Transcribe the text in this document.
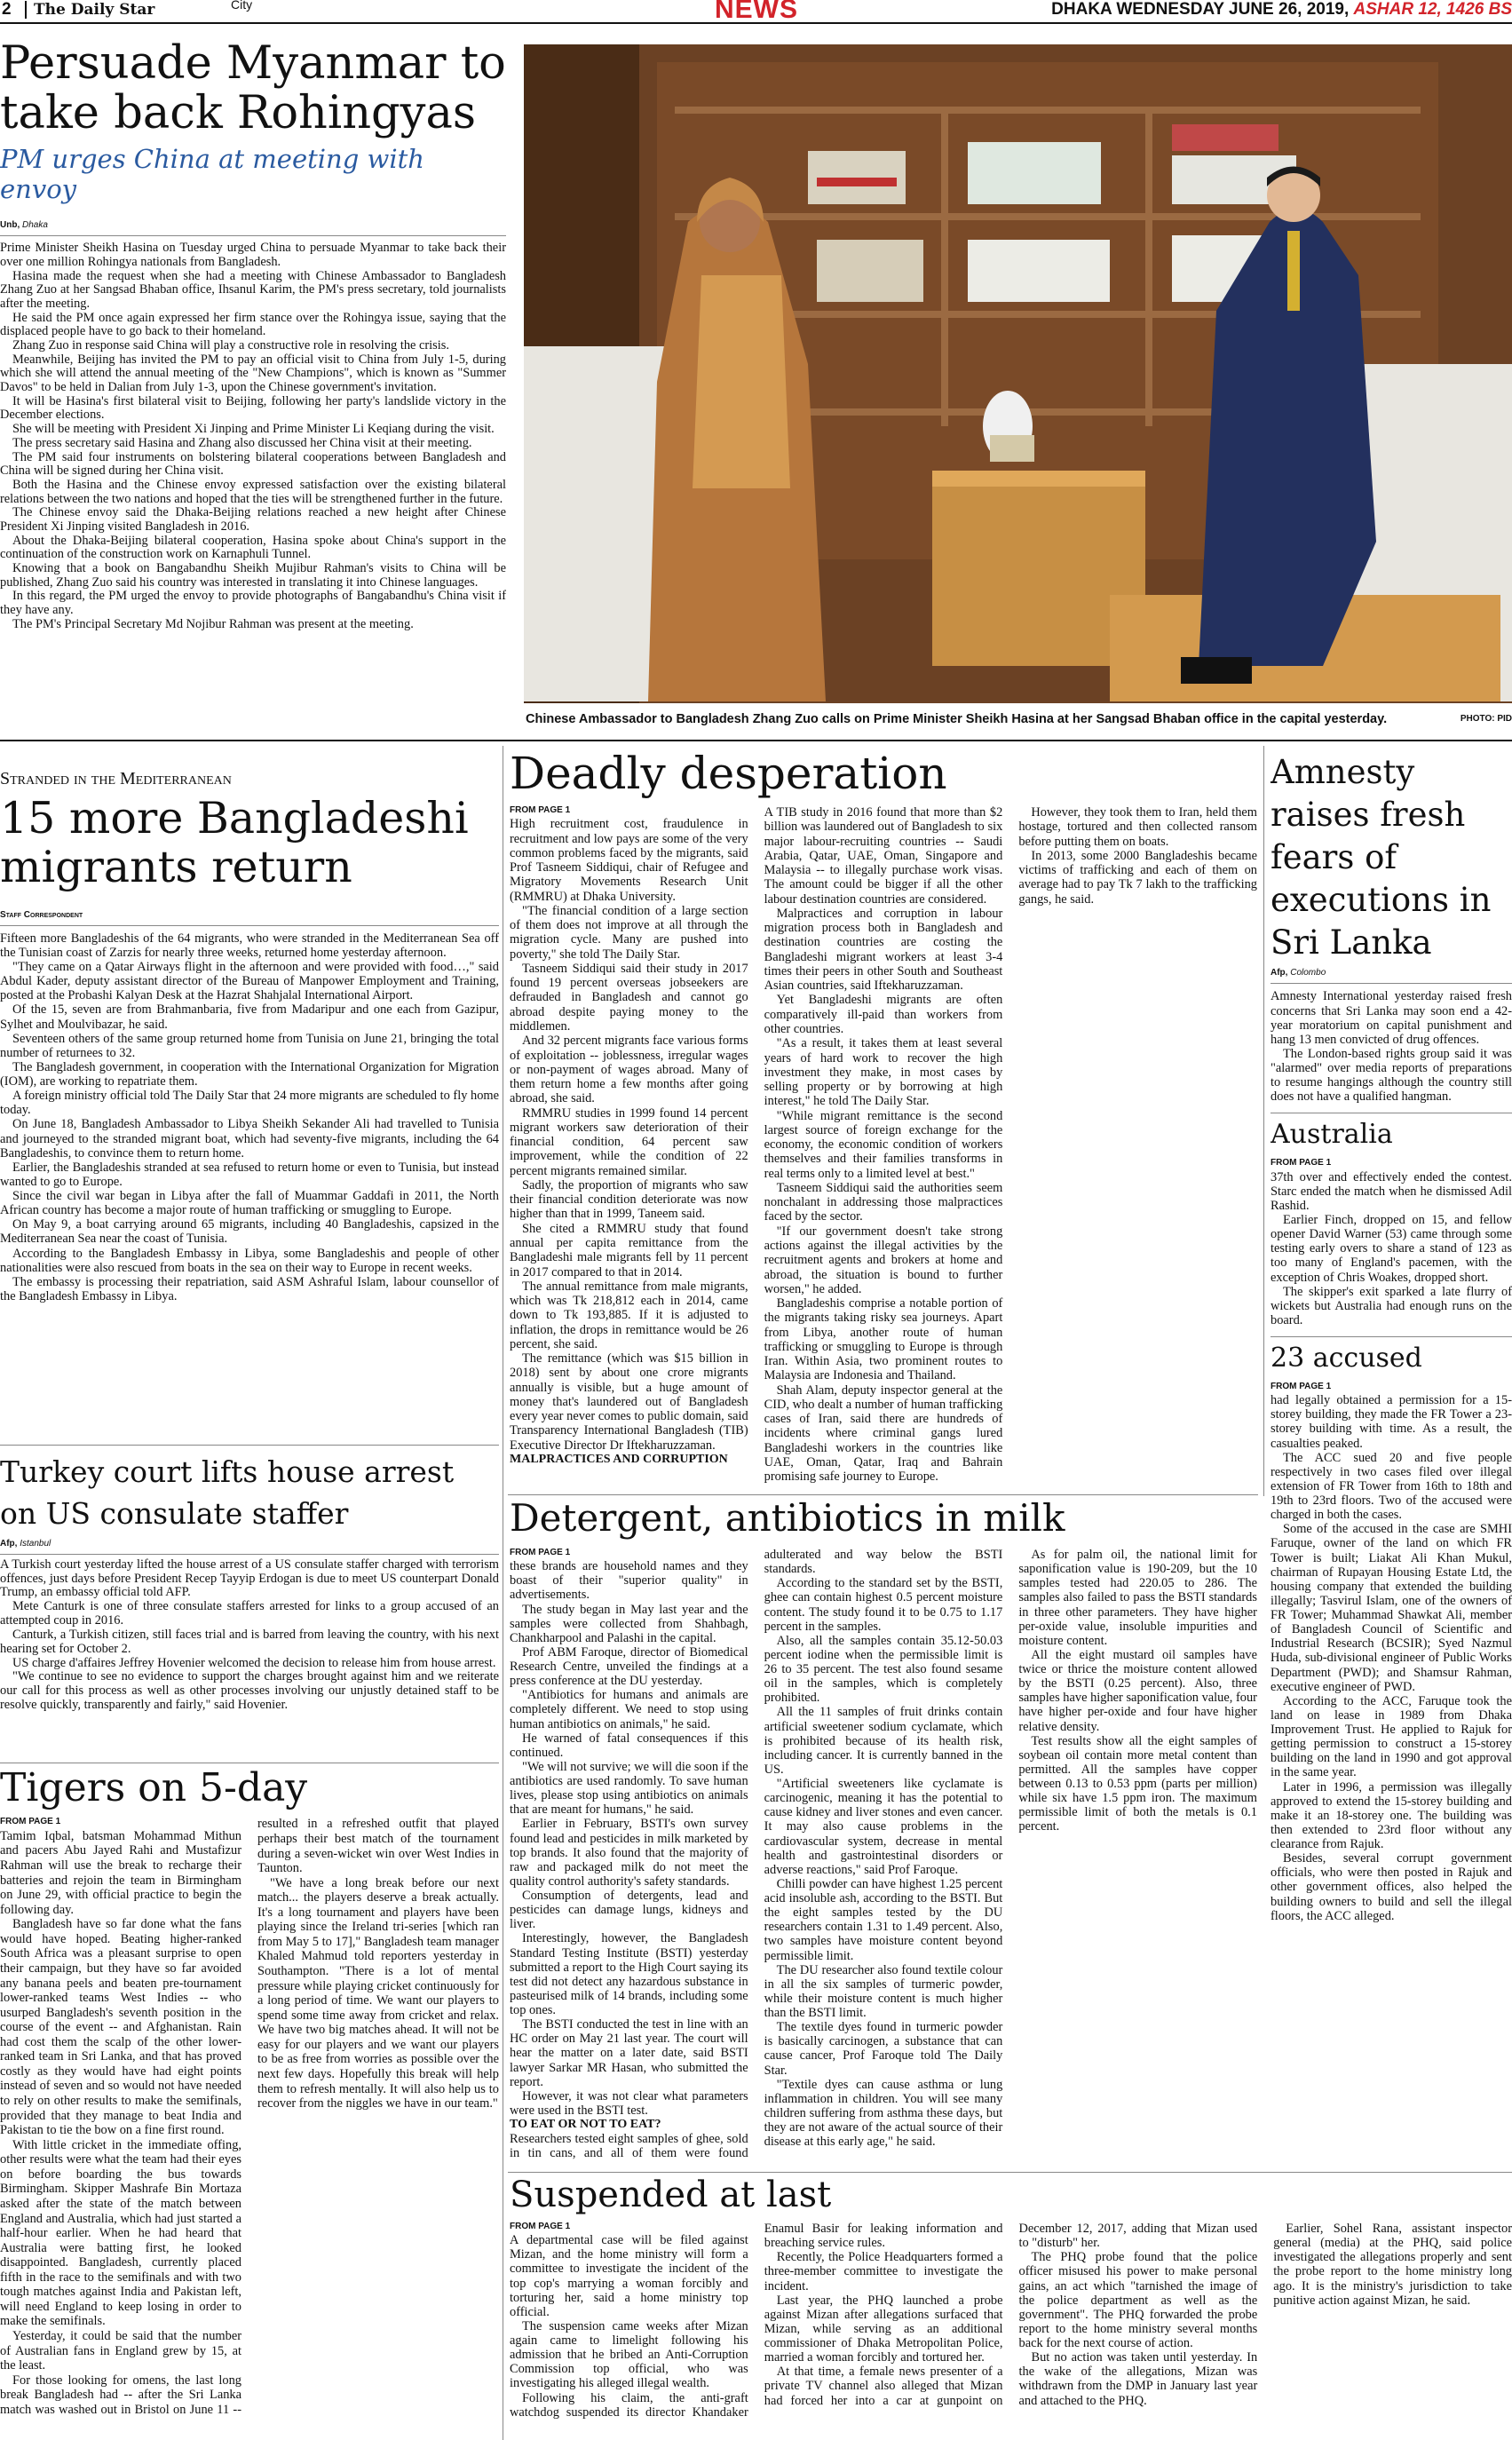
2	The Daily Star	City	NEWS	DHAKA WEDNESDAY JUNE 26, 2019, ASHAR 12, 1426 BS
Persuade Myanmar to take back Rohingyas
PM urges China at meeting with envoy
Unb, Dhaka

Prime Minister Sheikh Hasina on Tuesday urged China to persuade Myanmar to take back their over one million Rohingya nationals from Bangladesh.

Hasina made the request when she had a meeting with Chinese Ambassador to Bangladesh Zhang Zuo at her Sangsad Bhaban office, Ihsanul Karim, the PM's press secretary, told journalists after the meeting.

He said the PM once again expressed her firm stance over the Rohingya issue, saying that the displaced people have to go back to their homeland.

Zhang Zuo in response said China will play a constructive role in resolving the crisis.

Meanwhile, Beijing has invited the PM to pay an official visit to China from July 1-5, during which she will attend the annual meeting of the "New Champions", which is known as "Summer Davos" to be held in Dalian from July 1-3, upon the Chinese government's invitation.

It will be Hasina's first bilateral visit to Beijing, following her party's landslide victory in the December elections.

She will be meeting with President Xi Jinping and Prime Minister Li Keqiang during the visit.

The press secretary said Hasina and Zhang also discussed her China visit at their meeting.

The PM said four instruments on bolstering bilateral cooperations between Bangladesh and China will be signed during her China visit.

Both the Hasina and the Chinese envoy expressed satisfaction over the existing bilateral relations between the two nations and hoped that the ties will be strengthened further in the future.

The Chinese envoy said the Dhaka-Beijing relations reached a new height after Chinese President Xi Jinping visited Bangladesh in 2016.

About the Dhaka-Beijing bilateral cooperation, Hasina spoke about China's support in the continuation of the construction work on Karnaphuli Tunnel.

Knowing that a book on Bangabandhu Sheikh Mujibur Rahman's visits to China will be published, Zhang Zuo said his country was interested in translating it into Chinese languages.

In this regard, the PM urged the envoy to provide photographs of Bangabandhu's China visit if they have any.

The PM's Principal Secretary Md Nojibur Rahman was present at the meeting.

Chinese Ambassador to Bangladesh Zhang Zuo calls on Prime Minister Sheikh Hasina at her Sangsad Bhaban office in the capital yesterday.	PHOTO: PID
Stranded in the Mediterranean
15 more Bangladeshi migrants return
Staff Correspondent

Fifteen more Bangladeshis of the 64 migrants, who were stranded in the Mediterranean Sea off the Tunisian coast of Zarzis for nearly three weeks, returned home yesterday afternoon.

"They came on a Qatar Airways flight in the afternoon and were provided with food…," said Abdul Kader, deputy assistant director of the Bureau of Manpower Employment and Training, posted at the Probashi Kalyan Desk at the Hazrat Shahjalal International Airport.

Of the 15, seven are from Brahmanbaria, five from Madaripur and one each from Gazipur, Sylhet and Moulvibazar, he said.

Seventeen others of the same group returned home from Tunisia on June 21, bringing the total number of returnees to 32.

The Bangladesh government, in cooperation with the International Organization for Migration (IOM), are working to repatriate them.

A foreign ministry official told The Daily Star that 24 more migrants are scheduled to fly home today.

On June 18, Bangladesh Ambassador to Libya Sheikh Sekander Ali had travelled to Tunisia and journeyed to the stranded migrant boat, which had seventy-five migrants, including the 64 Bangladeshis, to convince them to return home.

Earlier, the Bangladeshis stranded at sea refused to return home or even to Tunisia, but instead wanted to go to Europe.

Since the civil war began in Libya after the fall of Muammar Gaddafi in 2011, the North African country has become a major route of human trafficking or smuggling to Europe.

On May 9, a boat carrying around 65 migrants, including 40 Bangladeshis, capsized in the Mediterranean Sea near the coast of Tunisia.

According to the Bangladesh Embassy in Libya, some Bangladeshis and people of other nationalities were also rescued from boats in the sea on their way to Europe in recent weeks.

The embassy is processing their repatriation, said ASM Ashraful Islam, labour counsellor of the Bangladesh Embassy in Libya.

Turkey court lifts house arrest on US consulate staffer
Afp, Istanbul

A Turkish court yesterday lifted the house arrest of a US consulate staffer charged with terrorism offences, just days before President Recep Tayyip Erdogan is due to meet US counterpart Donald Trump, an embassy official told AFP.

Mete Canturk is one of three consulate staffers arrested for links to a group accused of an attempted coup in 2016.

Canturk, a Turkish citizen, still faces trial and is barred from leaving the country, with his next hearing set for October 2.

US charge d'affaires Jeffrey Hovenier welcomed the decision to release him from house arrest.

"We continue to see no evidence to support the charges brought against him and we reiterate our call for this process as well as other processes involving our unjustly detained staff to be resolve quickly, transparently and fairly," said Hovenier.

Tigers on 5-day
FROM PAGE 1

Tamim Iqbal, batsman Mohammad Mithun and pacers Abu Jayed Rahi and Mustafizur Rahman will use the break to recharge their batteries and rejoin the team in Birmingham on June 29, with official practice to begin the following day.

Bangladesh have so far done what the fans would have hoped. Beating higher-ranked South Africa was a pleasant surprise to open their campaign, but they have so far avoided any banana peels and beaten pre-tournament lower-ranked teams West Indies -- who usurped Bangladesh's seventh position in the course of the event -- and Afghanistan. Rain had cost them the scalp of the other lower-ranked team in Sri Lanka, and that has proved costly as they would have had eight points instead of seven and so would not have needed to rely on other results to make the semifinals, provided that they manage to beat India and Pakistan to tie the bow on a fine first round.

With little cricket in the immediate offing, other results were what the team had their eyes on before boarding the bus towards Birmingham. Skipper Mashrafe Bin Mortaza asked after the state of the match between England and Australia, which had just started a half-hour earlier. When he had heard that Australia were batting first, he looked disappointed. Bangladesh, currently placed fifth in the race to the semifinals and with two tough matches against India and Pakistan left, will need England to keep losing in order to make the semifinals.

Yesterday, it could be said that the number of Australian fans in England grew by 15, at the least.

For those looking for omens, the last long break Bangladesh had -- after the Sri Lanka match was washed out in Bristol on June 11 -- resulted in a refreshed outfit that played perhaps their best match of the tournament during a seven-wicket win over West Indies in Taunton.

"We have a long break before our next match... the players deserve a break actually. It's a long tournament and players have been playing since the Ireland tri-series [which ran from May 5 to 17]," Bangladesh team manager Khaled Mahmud told reporters yesterday in Southampton. "There is a lot of mental pressure while playing cricket continuously for a long period of time. We want our players to spend some time away from cricket and relax. We have two big matches ahead. It will not be easy for our players and we want our players to be as free from worries as possible over the next few days. Hopefully this break will help them to refresh mentally. It will also help us to recover from the niggles we have in our team."

Deadly desperation
FROM PAGE 1

High recruitment cost, fraudulence in recruitment and low pays are some of the very common problems faced by the migrants, said Prof Tasneem Siddiqui, chair of Refugee and Migratory Movements Research Unit (RMMRU) at Dhaka University.

"The financial condition of a large section of them does not improve at all through the migration cycle. Many are pushed into poverty," she told The Daily Star.

Tasneem Siddiqui said their study in 2017 found 19 percent overseas jobseekers are defrauded in Bangladesh and cannot go abroad despite paying money to the middlemen.

And 32 percent migrants face various forms of exploitation -- joblessness, irregular wages or non-payment of wages abroad. Many of them return home a few months after going abroad, she said.

RMMRU studies in 1999 found 14 percent migrant workers saw deterioration of their financial condition, 64 percent saw improvement, while the condition of 22 percent migrants remained similar.

Sadly, the proportion of migrants who saw their financial condition deteriorate was now higher than that in 1999, Taneem said.

She cited a RMMRU study that found annual per capita remittance from the Bangladeshi male migrants fell by 11 percent in 2017 compared to that in 2014.

The annual remittance from male migrants, which was Tk 218,812 each in 2014, came down to Tk 193,885. If it is adjusted to inflation, the drops in remittance would be 26 percent, she said.

The remittance (which was $15 billion in 2018) sent by about one crore migrants annually is visible, but a huge amount of money that's laundered out of Bangladesh every year never comes to public domain, said Transparency International Bangladesh (TIB) Executive Director Dr Iftekharuzzaman.

MALPRACTICES AND CORRUPTION

A TIB study in 2016 found that more than $2 billion was laundered out of Bangladesh to six major labour-recruiting countries -- Saudi Arabia, Qatar, UAE, Oman, Singapore and Malaysia -- to illegally purchase work visas. The amount could be bigger if all the other labour destination countries are considered.

Malpractices and corruption in labour migration process both in Bangladesh and destination countries are costing the Bangladeshi migrant workers at least 3-4 times their peers in other South and Southeast Asian countries, said Iftekharuzzaman.

Yet Bangladeshi migrants are often comparatively ill-paid than workers from other countries.

"As a result, it takes them at least several years of hard work to recover the high investment they make, in most cases by selling property or by borrowing at high interest," he told The Daily Star.

"While migrant remittance is the second largest source of foreign exchange for the economy, the economic condition of workers themselves and their families transforms in real terms only to a limited level at best."

Tasneem Siddiqui said the authorities seem nonchalant in addressing those malpractices faced by the sector.

"If our government doesn't take strong actions against the illegal activities by the recruitment agents and brokers at home and abroad, the situation is bound to further worsen," he added.

Bangladeshis comprise a notable portion of the migrants taking risky sea journeys. Apart from Libya, another route of human trafficking or smuggling to Europe is through Iran. Within Asia, two prominent routes to Malaysia are Indonesia and Thailand.

Shah Alam, deputy inspector general at the CID, who dealt a number of human trafficking cases of Iran, said there are hundreds of incidents where criminal gangs lured Bangladeshi workers in the countries like UAE, Oman, Qatar, Iraq and Bahrain promising safe journey to Europe.

However, they took them to Iran, held them hostage, tortured and then collected ransom before putting them on boats.

In 2013, some 2000 Bangladeshis became victims of trafficking and each of them on average had to pay Tk 7 lakh to the trafficking gangs, he said.

Detergent, antibiotics in milk
FROM PAGE 1

these brands are household names and they boast of their "superior quality" in advertisements.

The study began in May last year and the samples were collected from Shahbagh, Chankharpool and Palashi in the capital.

Prof ABM Faroque, director of Biomedical Research Centre, unveiled the findings at a press conference at the DU yesterday.

"Antibiotics for humans and animals are completely different. We need to stop using human antibiotics on animals," he said.

He warned of fatal consequences if this continued.

"We will not survive; we will die soon if the antibiotics are used randomly. To save human lives, please stop using antibiotics on animals that are meant for humans," he said.

Earlier in February, BSTI's own survey found lead and pesticides in milk marketed by top brands. It also found that the majority of raw and packaged milk do not meet the quality control authority's safety standards.

Consumption of detergents, lead and pesticides can damage lungs, kidneys and liver.

Interestingly, however, the Bangladesh Standard Testing Institute (BSTI) yesterday submitted a report to the High Court saying its test did not detect any hazardous substance in pasteurised milk of 14 brands, including some top ones.

The BSTI conducted the test in line with an HC order on May 21 last year. The court will hear the matter on a later date, said BSTI lawyer Sarkar MR Hasan, who submitted the report.

However, it was not clear what parameters were used in the BSTI test.

TO EAT OR NOT TO EAT?

Researchers tested eight samples of ghee, sold in tin cans, and all of them were found adulterated and way below the BSTI standards.

According to the standard set by the BSTI, ghee can contain highest 0.5 percent moisture content. The study found it to be 0.75 to 1.17 percent in the samples.

Also, all the samples contain 35.12-50.03 percent iodine when the permissible limit is 26 to 35 percent. The test also found sesame oil in the samples, which is completely prohibited.

All the 11 samples of fruit drinks contain artificial sweetener sodium cyclamate, which is prohibited because of its health risk, including cancer. It is currently banned in the US.

"Artificial sweeteners like cyclamate is carcinogenic, meaning it has the potential to cause kidney and liver stones and even cancer. It may also cause problems in the cardiovascular system, decrease in mental health and gastrointestinal disorders or adverse reactions," said Prof Faroque.

Chilli powder can have highest 1.25 percent acid insoluble ash, according to the BSTI. But the eight samples tested by the DU researchers contain 1.31 to 1.49 percent. Also, two samples have moisture content beyond permissible limit.

The DU researcher also found textile colour in all the six samples of turmeric powder, while their moisture content is much higher than the BSTI limit.

The textile dyes found in turmeric powder is basically carcinogen, a substance that can cause cancer, Prof Faroque told The Daily Star.

"Textile dyes can cause asthma or lung inflammation in children. You will see many children suffering from asthma these days, but they are not aware of the actual source of their disease at this early age," he said.

As for palm oil, the national limit for saponification value is 190-209, but the 10 samples tested had 220.05 to 286. The samples also failed to pass the BSTI standards in three other parameters. They have higher per-oxide value, insoluble impurities and moisture content.

All the eight mustard oil samples have twice or thrice the moisture content allowed by the BSTI (0.25 percent). Also, three samples have higher saponification value, four have higher per-oxide and four have higher relative density.

Test results show all the eight samples of soybean oil contain more metal content than permitted. All the samples have copper between 0.13 to 0.53 ppm (parts per million) while six have 1.5 ppm iron. The maximum permissible limit of both the metals is 0.1 percent.

Amnesty raises fresh fears of executions in Sri Lanka
Afp, Colombo

Amnesty International yesterday raised fresh concerns that Sri Lanka may soon end a 42-year moratorium on capital punishment and hang 13 men convicted of drug offences.

The London-based rights group said it was "alarmed" over media reports of preparations to resume hangings although the country still does not have a qualified hangman.

Australia
FROM PAGE 1

37th over and effectively ended the contest. Starc ended the match when he dismissed Adil Rashid.

Earlier Finch, dropped on 15, and fellow opener David Warner (53) came through some testing early overs to share a stand of 123 as too many of England's pacemen, with the exception of Chris Woakes, dropped short.

The skipper's exit sparked a late flurry of wickets but Australia had enough runs on the board.

23 accused
FROM PAGE 1

had legally obtained a permission for a 15-storey building, they made the FR Tower a 23-storey building with time. As a result, the casualties peaked.

The ACC sued 20 and five people respectively in two cases filed over illegal extension of FR Tower from 16th to 18th and 19th to 23rd floors. Two of the accused were charged in both the cases.

Some of the accused in the case are SMHI Faruque, owner of the land on which FR Tower is built; Liakat Ali Khan Mukul, chairman of Rupayan Housing Estate Ltd, the housing company that extended the building illegally; Tasvirul Islam, one of the owners of FR Tower; Muhammad Shawkat Ali, member of Bangladesh Council of Scientific and Industrial Research (BCSIR); Syed Nazmul Huda, sub-divisional engineer of Public Works Department (PWD); and Shamsur Rahman, executive engineer of PWD.

According to the ACC, Faruque took the land on lease in 1989 from Dhaka Improvement Trust. He applied to Rajuk for getting permission to construct a 15-storey building on the land in 1990 and got approval in the same year.

Later in 1996, a permission was illegally approved to extend the 15-storey building and make it an 18-storey one. The building was then extended to 23rd floor without any clearance from Rajuk.

Besides, several corrupt government officials, who were then posted in Rajuk and other government offices, also helped the building owners to build and sell the illegal floors, the ACC alleged.

Suspended at last
FROM PAGE 1

A departmental case will be filed against Mizan, and the home ministry will form a committee to investigate the incident of the top cop's marrying a woman forcibly and torturing her, said a home ministry top official.

The suspension came weeks after Mizan again came to limelight following his admission that he bribed an Anti-Corruption Commission top official, who was investigating his alleged illegal wealth.

Following his claim, the anti-graft watchdog suspended its director Khandaker Enamul Basir for leaking information and breaching service rules.

Recently, the Police Headquarters formed a three-member committee to investigate the incident.

Last year, the PHQ launched a probe against Mizan after allegations surfaced that Mizan, while serving as an additional commissioner of Dhaka Metropolitan Police, married a woman forcibly and tortured her.

At that time, a female news presenter of a private TV channel also alleged that Mizan had forced her into a car at gunpoint on December 12, 2017, adding that Mizan used to "disturb" her.

The PHQ probe found that the police officer misused his power to make personal gains, an act which "tarnished the image of the police department as well as the government". The PHQ forwarded the probe report to the home ministry several months back for the next course of action.

But no action was taken until yesterday. In the wake of the allegations, Mizan was withdrawn from the DMP in January last year and attached to the PHQ.

Earlier, Sohel Rana, assistant inspector general (media) at the PHQ, said police investigated the allegations properly and sent the probe report to the home ministry long ago. It is the ministry's jurisdiction to take punitive action against Mizan, he said.
